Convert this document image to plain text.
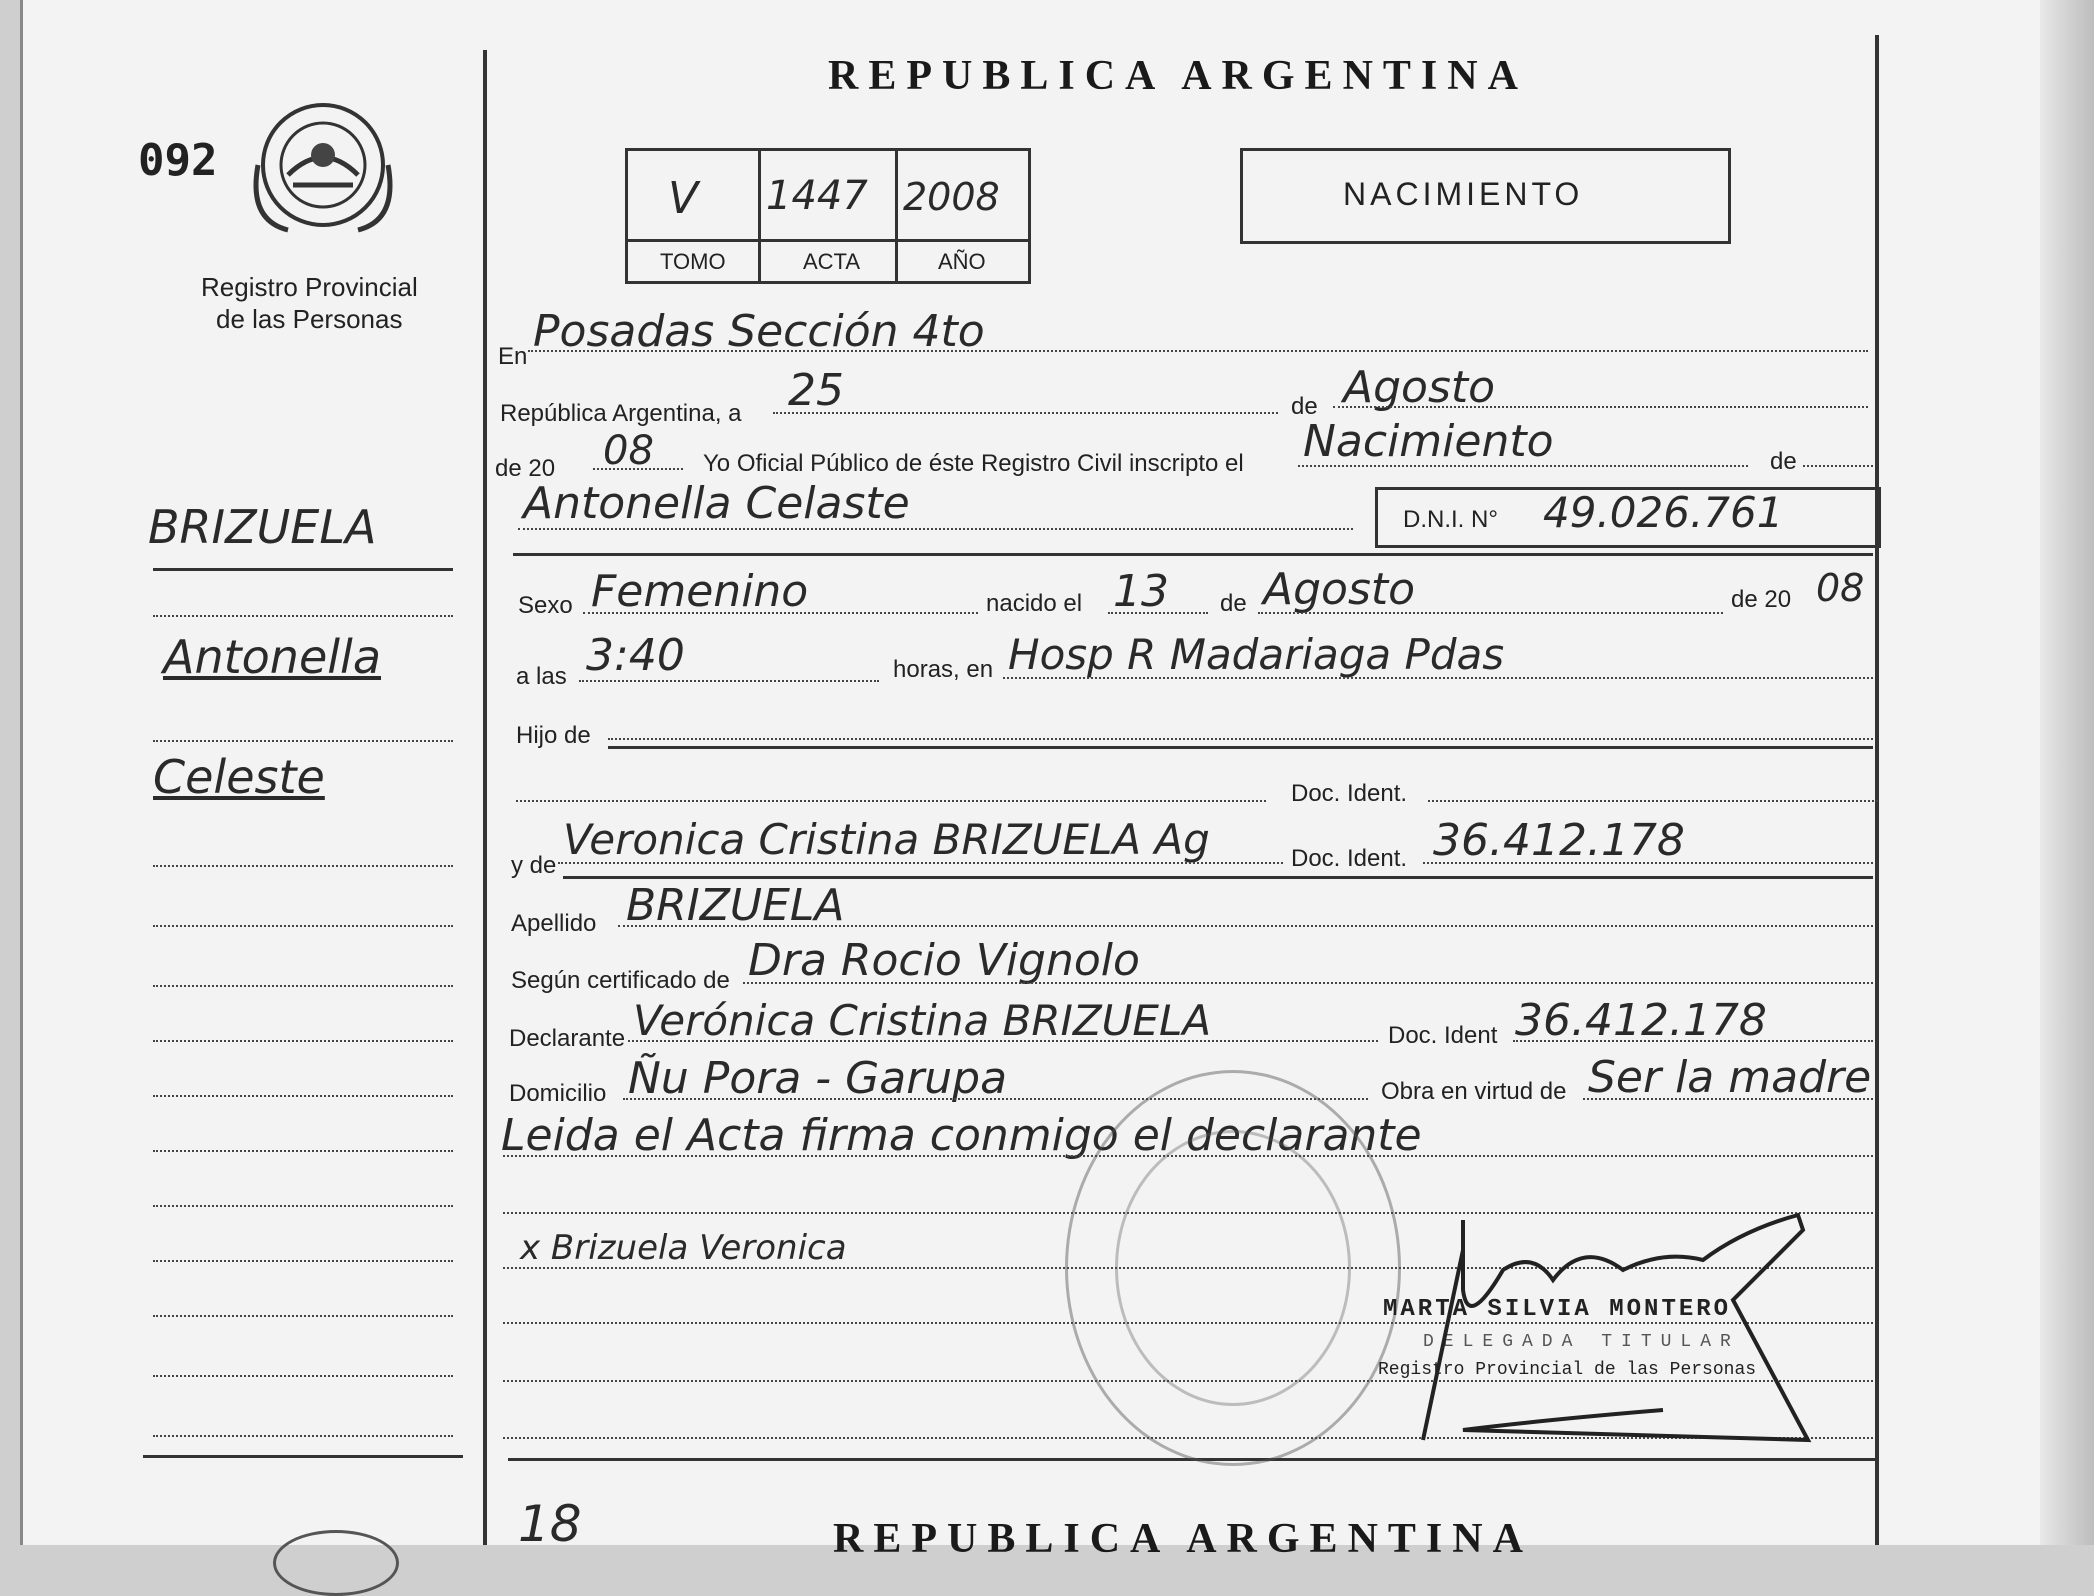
092
Registro Provincial
de las Personas
REPUBLICA ARGENTINA
V 1447 2008
TOMO	ACTA	AÑO
NACIMIENTO
BRIZUELA
Antonella
Celeste
En Posadas Sección 4to
República Argentina, a 25	de Agosto
de 20 08 Yo Oficial Público de éste Registro Civil inscripto el Nacimiento	de
Antonella Celaste	D.N.I. N° 49.026.761
Sexo Femenino	nacido el 13 de Agosto	de 20 08
a las 3:40	horas, en Hosp R Madariaga Pdas
Hijo de
Doc. Ident.
y de
Veronica Cristina BRIZUELA Ag	Doc. Ident. 36.412.178
Apellido BRIZUELA
Según certificado de Dra Rocio Vignolo
Declarante Verónica Cristina BRIZUELA	Doc. Ident 36.412.178
Domicilio Ñu Pora - Garupa	Obra en virtud de Ser la madre
Leida el Acta firma conmigo el declarante
x Brizuela Veronica
MARTA SILVIA MONTERO
DELEGADA TITULAR
Registro Provincial de las Personas
18	REPUBLICA ARGENTINA
